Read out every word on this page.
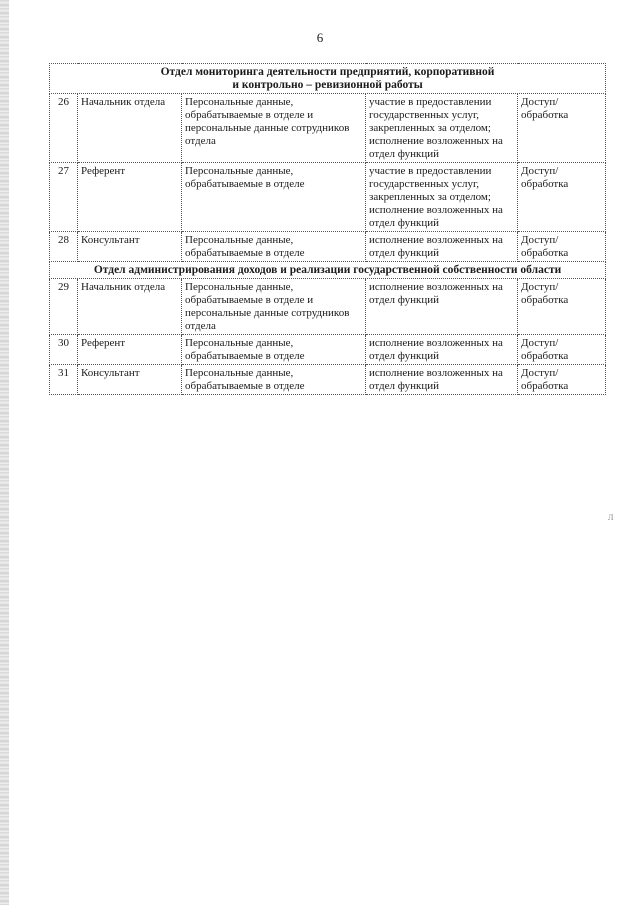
6
Отдел мониторинга деятельности предприятий, корпоративной
и контрольно – ревизионной работы				
26	Начальник отдела	Персональные данные, обрабатываемые в отделе и персональные данные сотрудников отдела	участие в предоставлении государственных услуг, закрепленных за отделом; исполнение возложенных на отдел функций	Доступ/ обработка
27	Референт	Персональные данные, обрабатываемые в отделе	участие в предоставлении государственных услуг, закрепленных за отделом; исполнение возложенных на отдел функций	Доступ/ обработка
28	Консультант	Персональные данные, обрабатываемые в отделе	исполнение возложенных на отдел функций	Доступ/ обработка
Отдел администрирования доходов и реализации государственной собственности области				
29	Начальник отдела	Персональные данные, обрабатываемые в отделе и персональные данные сотрудников отдела	исполнение возложенных на отдел функций	Доступ/ обработка
30	Референт	Персональные данные, обрабатываемые в отделе	исполнение возложенных на отдел функций	Доступ/ обработка
31	Консультант	Персональные данные, обрабатываемые в отделе	исполнение возложенных на отдел функций	Доступ/ обработка
Л
